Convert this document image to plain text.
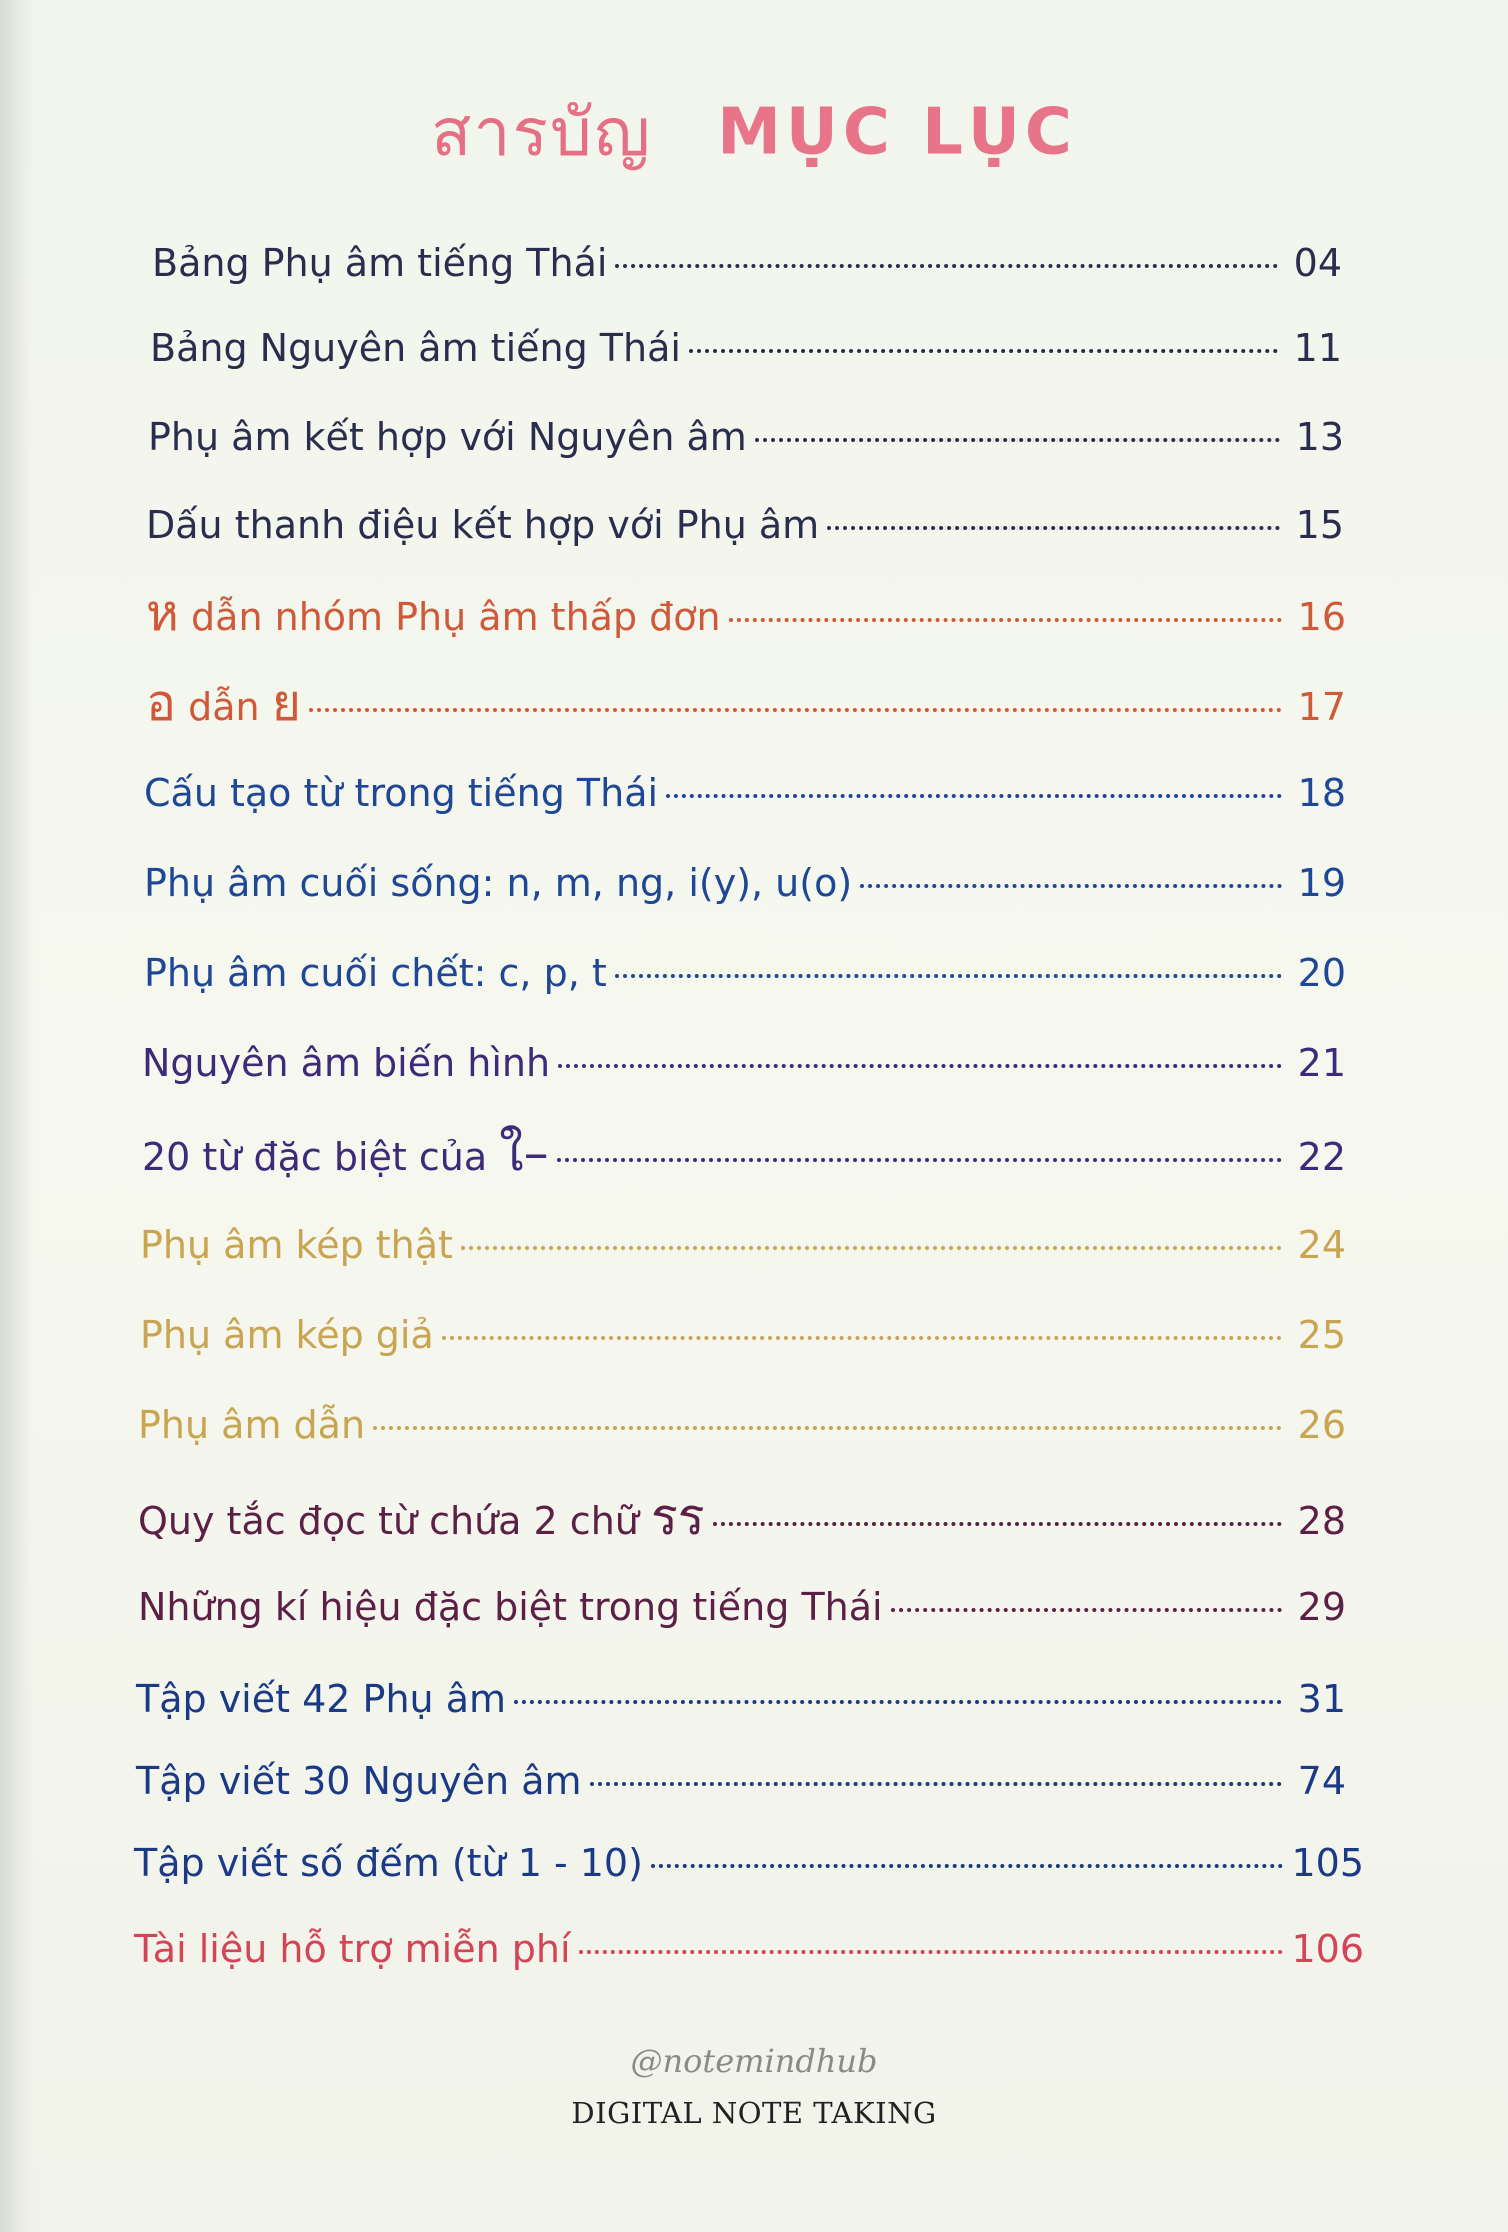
สารบัญ MỤC LỤC
Bảng Phụ âm tiếng Thái	04
Bảng Nguyên âm tiếng Thái	11
Phụ âm kết hợp với Nguyên âm	13
Dấu thanh điệu kết hợp với Phụ âm	15
ห dẫn nhóm Phụ âm thấp đơn	16
อ dẫn ย	17
Cấu tạo từ trong tiếng Thái	18
Phụ âm cuối sống: n, m, ng, i(y), u(o)	19
Phụ âm cuối chết: c, p, t	20
Nguyên âm biến hình	21
20 từ đặc biệt của ใ–	22
Phụ âm kép thật	24
Phụ âm kép giả	25
Phụ âm dẫn	26
Quy tắc đọc từ chứa 2 chữ รร	28
Những kí hiệu đặc biệt trong tiếng Thái	29
Tập viết 42 Phụ âm	31
Tập viết 30 Nguyên âm	74
Tập viết số đếm (từ 1 - 10)	105
Tài liệu hỗ trợ miễn phí	106
@notemindhub
DIGITAL NOTE TAKING
